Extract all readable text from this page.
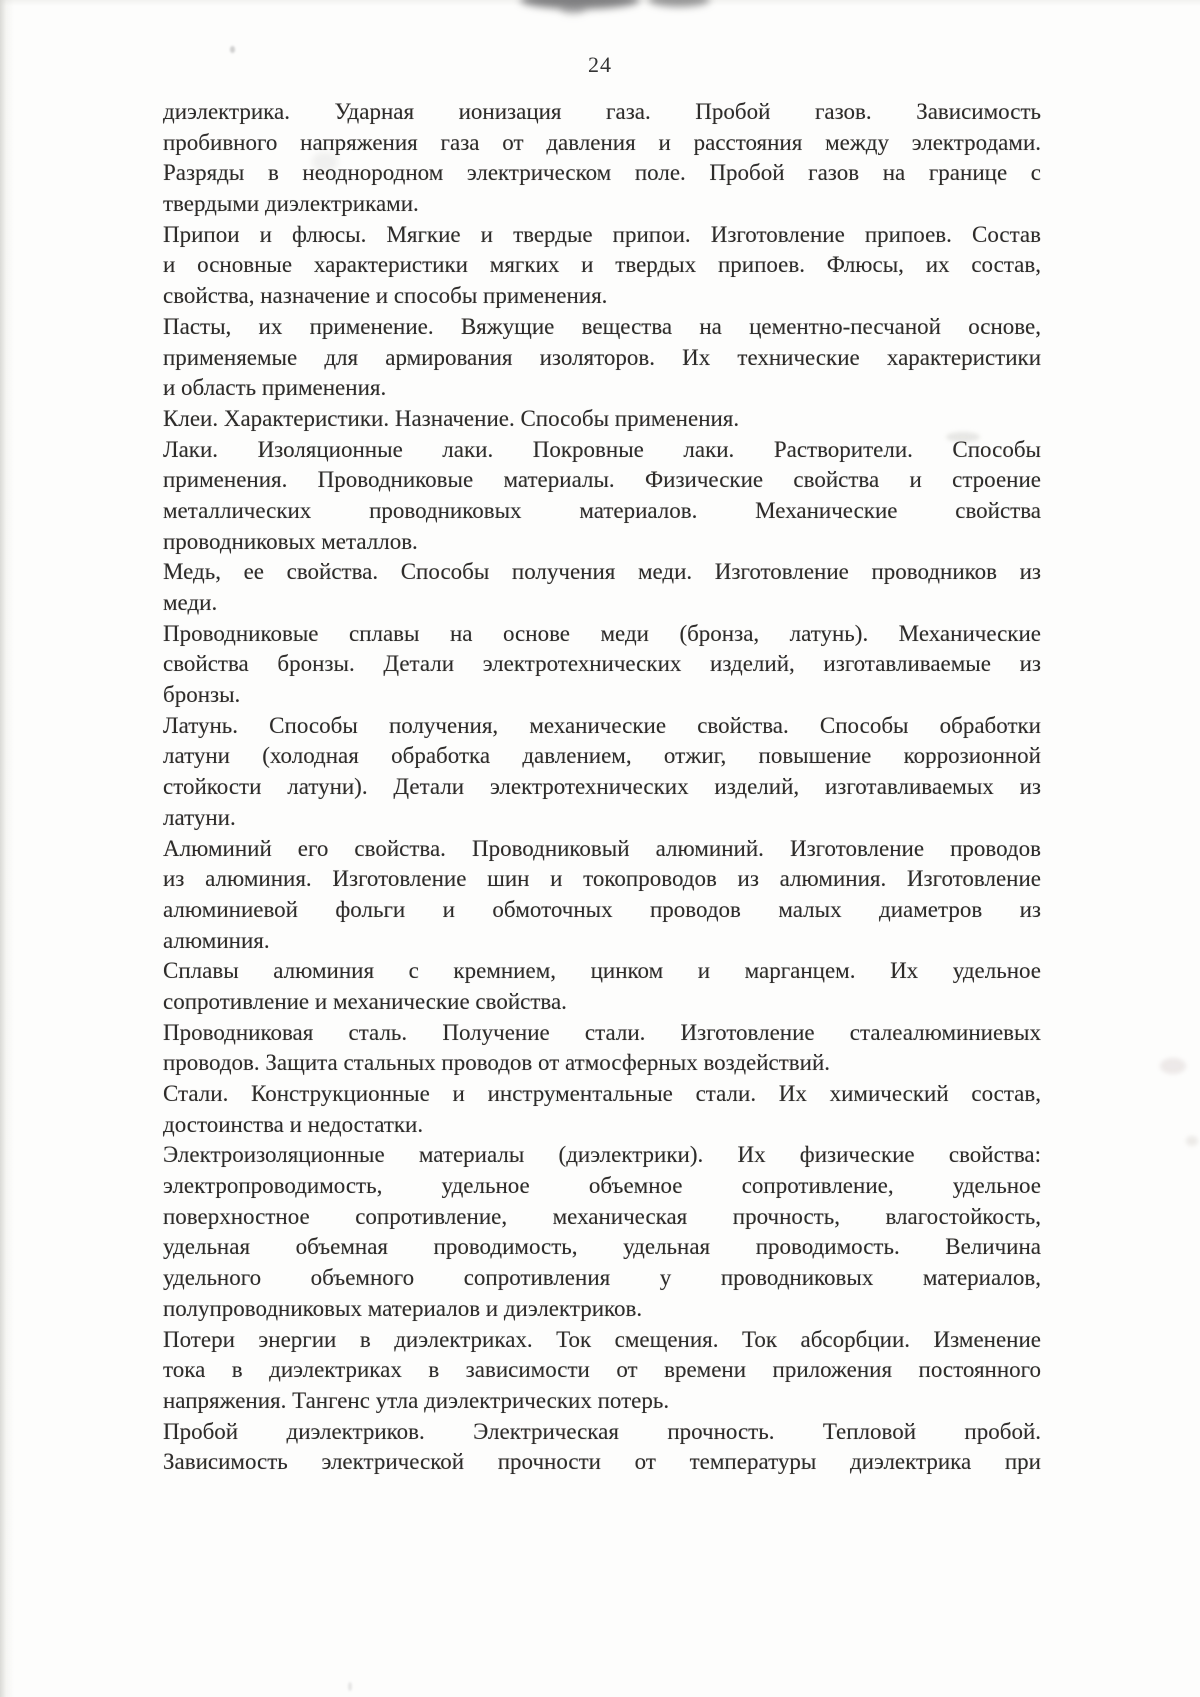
24
диэлектрика. Ударная ионизация газа. Пробой газов. Зависимость
пробивного напряжения газа от давления и расстояния между электродами.
Разряды в неоднородном электрическом поле. Пробой газов на границе с
твердыми диэлектриками.
Припои и флюсы. Мягкие и твердые припои. Изготовление припоев. Состав
и основные характеристики мягких и твердых припоев. Флюсы, их состав,
свойства, назначение и способы применения.
Пасты, их применение. Вяжущие вещества на цементно-песчаной основе,
применяемые для армирования изоляторов. Их технические характеристики
и область применения.
Клеи. Характеристики. Назначение. Способы применения.
Лаки. Изоляционные лаки. Покровные лаки. Растворители. Способы
применения. Проводниковые материалы. Физические свойства и строение
металлических проводниковых материалов. Механические свойства
проводниковых металлов.
Медь, ее свойства. Способы получения меди. Изготовление проводников из
меди.
Проводниковые сплавы на основе меди (бронза, латунь). Механические
свойства бронзы. Детали электротехнических изделий, изготавливаемые из
бронзы.
Латунь. Способы получения, механические свойства. Способы обработки
латуни (холодная обработка давлением, отжиг, повышение коррозионной
стойкости латуни). Детали электротехнических изделий, изготавливаемых из
латуни.
Алюминий его свойства. Проводниковый алюминий. Изготовление проводов
из алюминия. Изготовление шин и токопроводов из алюминия. Изготовление
алюминиевой фольги и обмоточных проводов малых диаметров из
алюминия.
Сплавы алюминия с кремнием, цинком и марганцем. Их удельное
сопротивление и механические свойства.
Проводниковая сталь. Получение стали. Изготовление сталеалюминиевых
проводов. Защита стальных проводов от атмосферных воздействий.
Стали. Конструкционные и инструментальные стали. Их химический состав,
достоинства и недостатки.
Электроизоляционные материалы (диэлектрики). Их физические свойства:
электропроводимость, удельное объемное сопротивление, удельное
поверхностное сопротивление, механическая прочность, влагостойкость,
удельная объемная проводимость, удельная проводимость. Величина
удельного объемного сопротивления у проводниковых материалов,
полупроводниковых материалов и диэлектриков.
Потери энергии в диэлектриках. Ток смещения. Ток абсорбции. Изменение
тока в диэлектриках в зависимости от времени приложения постоянного
напряжения. Тангенс утла диэлектрических потерь.
Пробой диэлектриков. Электрическая прочность. Тепловой пробой.
Зависимость электрической прочности от температуры диэлектрика при
